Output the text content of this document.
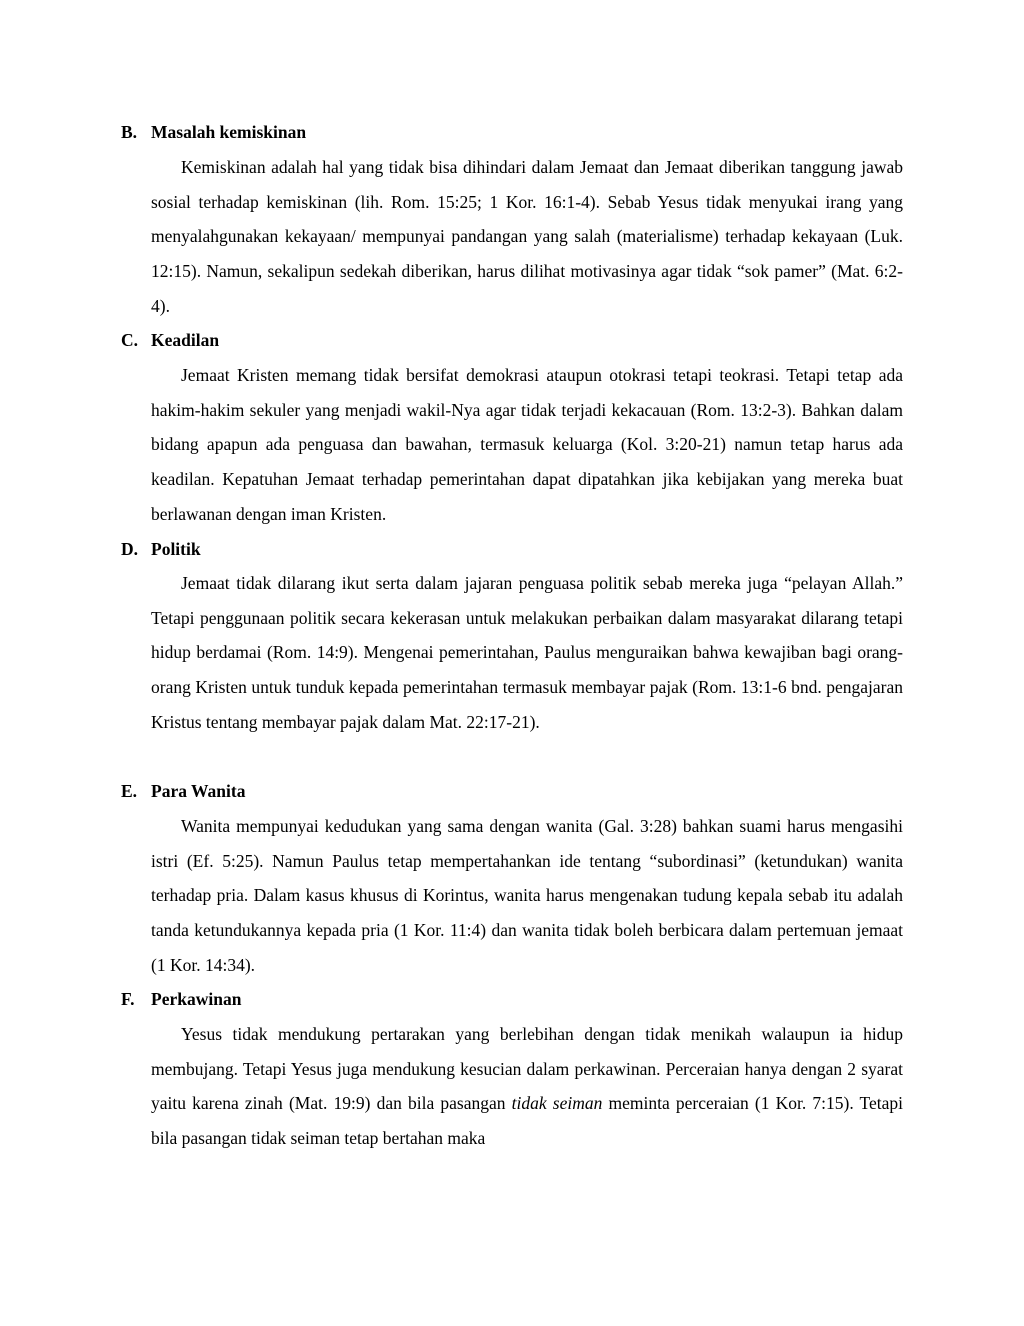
B. Masalah kemiskinan

Kemiskinan adalah hal yang tidak bisa dihindari dalam Jemaat dan Jemaat diberikan tanggung jawab sosial terhadap kemiskinan (lih. Rom. 15:25; 1 Kor. 16:1-4). Sebab Yesus tidak menyukai irang yang menyalahgunakan kekayaan/ mempunyai pandangan yang salah (materialisme) terhadap kekayaan (Luk. 12:15). Namun, sekalipun sedekah diberikan, harus dilihat motivasinya agar tidak “sok pamer” (Mat. 6:2-4).

C. Keadilan

Jemaat Kristen memang tidak bersifat demokrasi ataupun otokrasi tetapi teokrasi. Tetapi tetap ada hakim-hakim sekuler yang menjadi wakil-Nya agar tidak terjadi kekacauan (Rom. 13:2-3). Bahkan dalam bidang apapun ada penguasa dan bawahan, termasuk keluarga (Kol. 3:20-21) namun tetap harus ada keadilan. Kepatuhan Jemaat terhadap pemerintahan dapat dipatahkan jika kebijakan yang mereka buat berlawanan dengan iman Kristen.

D. Politik

Jemaat tidak dilarang ikut serta dalam jajaran penguasa politik sebab mereka juga “pelayan Allah.” Tetapi penggunaan politik secara kekerasan untuk melakukan perbaikan dalam masyarakat dilarang tetapi hidup berdamai (Rom. 14:9). Mengenai pemerintahan, Paulus menguraikan bahwa kewajiban bagi orang-orang Kristen untuk tunduk kepada pemerintahan termasuk membayar pajak (Rom. 13:1-6 bnd. pengajaran Kristus tentang membayar pajak dalam Mat. 22:17-21).

E. Para Wanita

Wanita mempunyai kedudukan yang sama dengan wanita (Gal. 3:28) bahkan suami harus mengasihi istri (Ef. 5:25). Namun Paulus tetap mempertahankan ide tentang “subordinasi” (ketundukan) wanita terhadap pria. Dalam kasus khusus di Korintus, wanita harus mengenakan tudung kepala sebab itu adalah tanda ketundukannya kepada pria (1 Kor. 11:4) dan wanita tidak boleh berbicara dalam pertemuan jemaat (1 Kor. 14:34).

F. Perkawinan

Yesus tidak mendukung pertarakan yang berlebihan dengan tidak menikah walaupun ia hidup membujang. Tetapi Yesus juga mendukung kesucian dalam perkawinan. Perceraian hanya dengan 2 syarat yaitu karena zinah (Mat. 19:9) dan bila pasangan tidak seiman meminta perceraian (1 Kor. 7:15). Tetapi bila pasangan tidak seiman tetap bertahan maka
